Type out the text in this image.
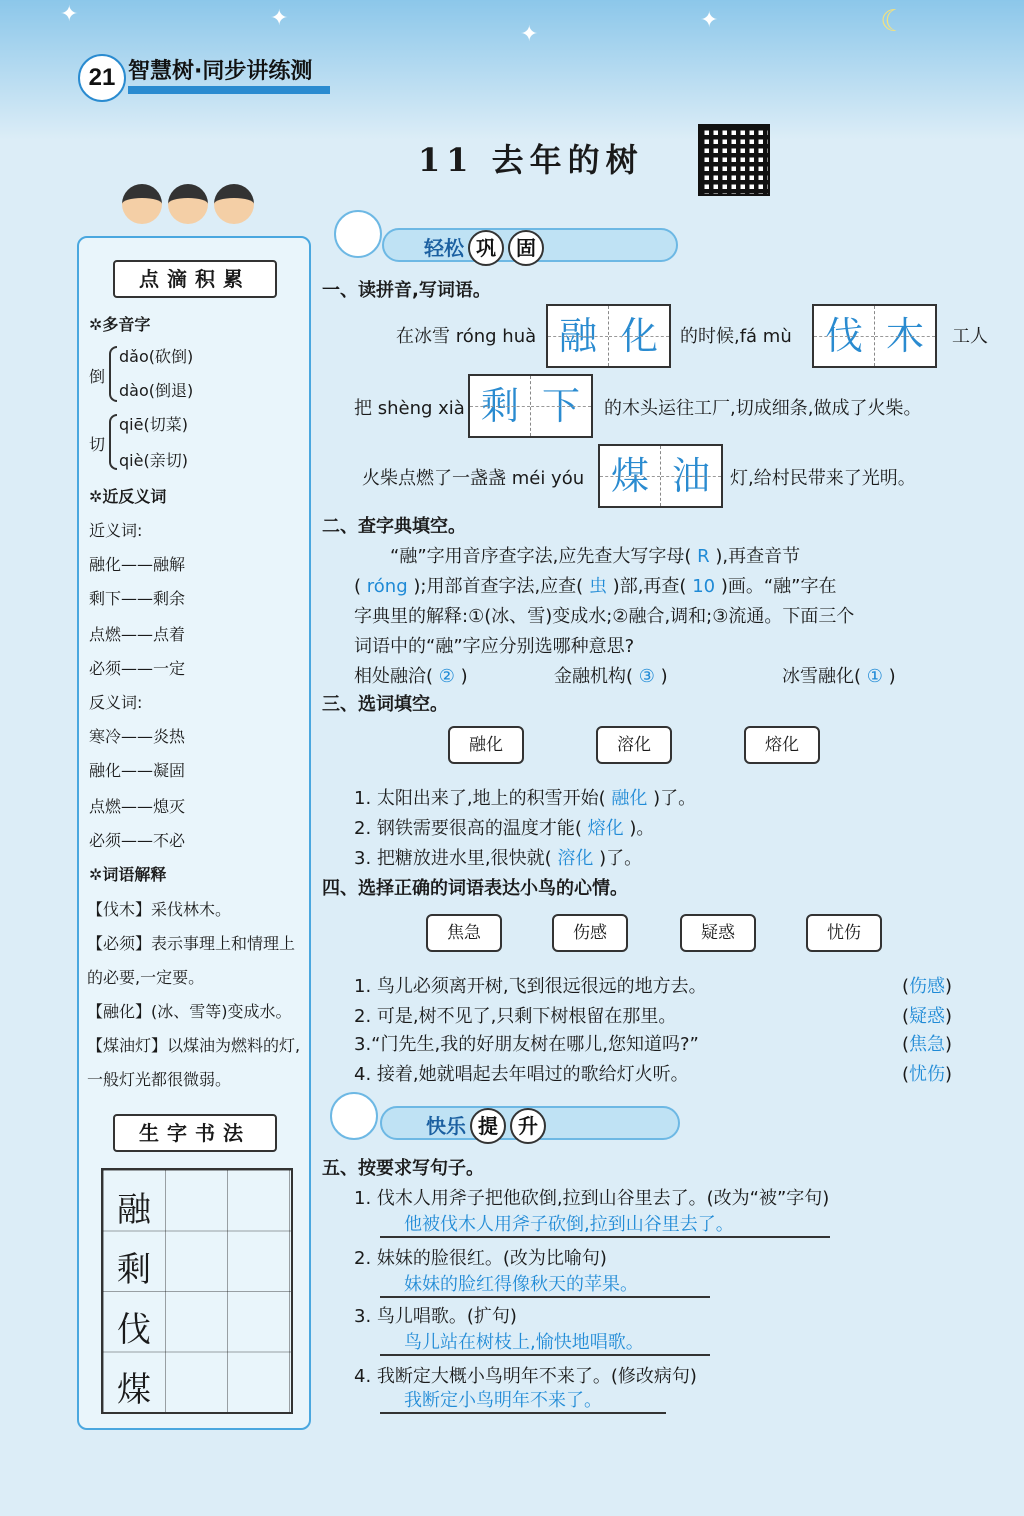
✦	✦
✦
✦	☾
21 智慧树·同步讲练测
11 去年的树
点滴积累
✲多音字
倒
dǎo(砍倒)
dào(倒退)
切
qiē(切菜)
qiè(亲切)
✲近反义词
近义词:
融化——融解
剩下——剩余
点燃——点着
必须——一定
反义词:
寒冷——炎热
融化——凝固
点燃——熄灭
必须——不必
✲词语解释
【伐木】采伐林木。
【必须】表示事理上和情理上的必要,一定要。
【融化】(冰、雪等)变成水。
【煤油灯】以煤油为燃料的灯,一般灯光都很微弱。
生字书法
融
剩
伐
煤
轻松 巩 固
一、读拼音,写词语。
在冰雪 róng huà 融 化	的时候,fá mù 伐 木	工人
把 shèng xià 剩 下	的木头运往工厂,切成细条,做成了火柴。
火柴点燃了一盏盏 méi yóu 煤 油	灯,给村民带来了光明。
二、查字典填空。
“融”字用音序查字法,应先查大写字母( R ),再查音节
( róng );用部首查字法,应查( 虫 )部,再查( 10 )画。“融”字在
字典里的解释:①(冰、雪)变成水;②融合,调和;③流通。下面三个
词语中的“融”字应分别选哪种意思?
相处融洽( ② )	金融机构( ③ )	冰雪融化( ① )
三、选词填空。
融化	溶化	熔化
1. 太阳出来了,地上的积雪开始( 融化 )了。
2. 钢铁需要很高的温度才能( 熔化 )。
3. 把糖放进水里,很快就( 溶化 )了。
四、选择正确的词语表达小鸟的心情。
焦急	伤感	疑惑	忧伤
1. 鸟儿必须离开树,飞到很远很远的地方去。	(伤感)
2. 可是,树不见了,只剩下树根留在那里。	(疑惑)
3.“门先生,我的好朋友树在哪儿,您知道吗?”	(焦急)
4. 接着,她就唱起去年唱过的歌给灯火听。	(忧伤)
快乐 提 升
五、按要求写句子。
1. 伐木人用斧子把他砍倒,拉到山谷里去了。(改为“被”字句)
他被伐木人用斧子砍倒,拉到山谷里去了。
2. 妹妹的脸很红。(改为比喻句)
妹妹的脸红得像秋天的苹果。
3. 鸟儿唱歌。(扩句)
鸟儿站在树枝上,愉快地唱歌。
4. 我断定大概小鸟明年不来了。(修改病句)
我断定小鸟明年不来了。
